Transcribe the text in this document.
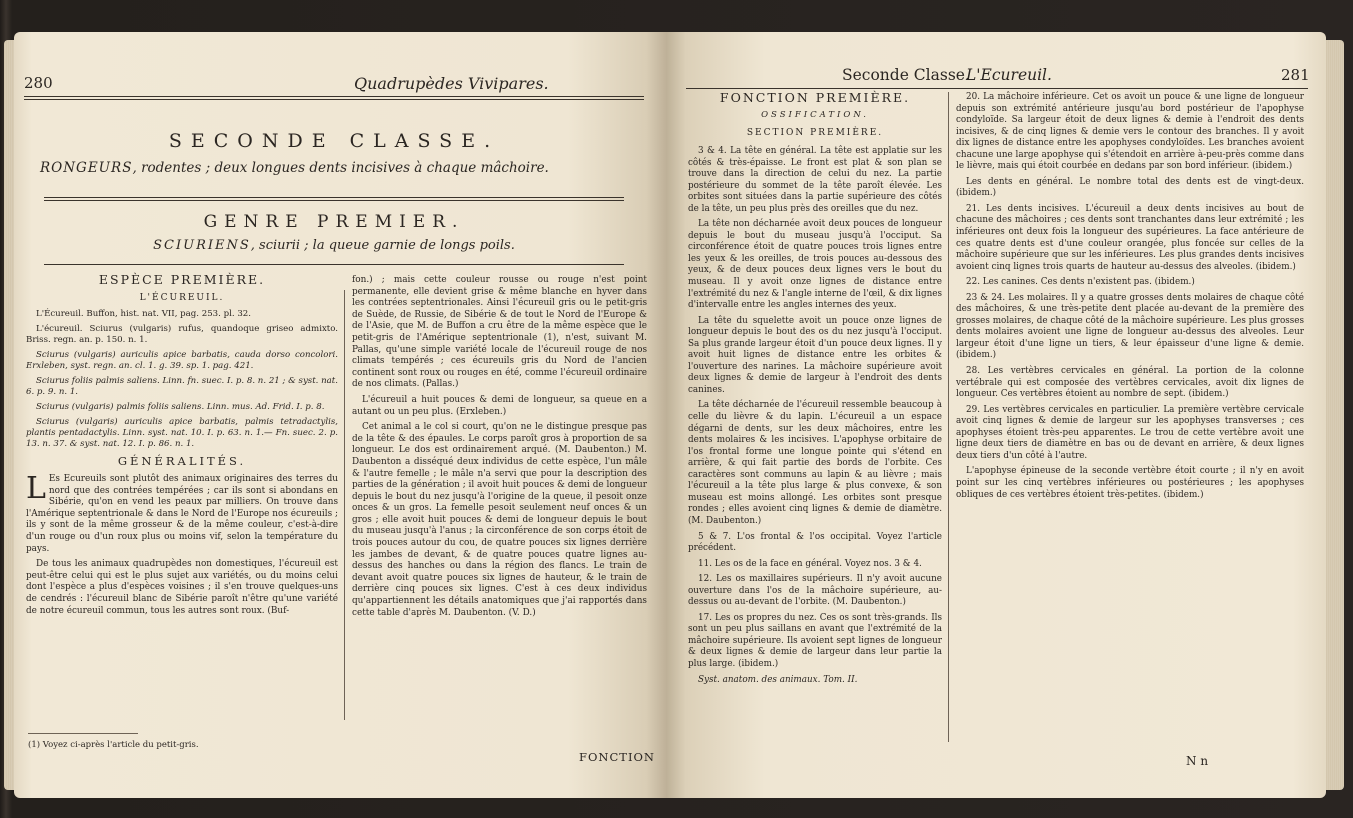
280	Quadrupèdes Vivipares.
SECONDE CLASSE.
RONGEURS, rodentes ; deux longues dents incisives à chaque mâchoire.
GENRE PREMIER.
SCIURIENS, sciurii ; la queue garnie de longs poils.
ESPÈCE PREMIÈRE.
L'ÉCUREUIL.

L'Écureuil. Buffon, hist. nat. VII, pag. 253. pl. 32.

L'écureuil. Sciurus (vulgaris) rufus, quandoque griseo admixto. Briss. regn. an. p. 150. n. 1.

Sciurus (vulgaris) auriculis apice barbatis, cauda dorso concolori. Erxleben, syst. regn. an. cl. 1. g. 39. sp. 1. pag. 421.

Sciurus foliis palmis saliens. Linn. fn. suec. I. p. 8. n. 21 ; & syst. nat. 6. p. 9. n. 1.

Sciurus (vulgaris) palmis foliis saliens. Linn. mus. Ad. Frid. I. p. 8.

Sciurus (vulgaris) auriculis apice barbatis, palmis tetradactylis, plantis pentadactylis. Linn. syst. nat. 10. I. p. 63. n. 1.— Fn. suec. 2. p. 13. n. 37. & syst. nat. 12. I. p. 86. n. 1.

GÉNÉRALITÉS.

L Es Ecureuils sont plutôt des animaux originaires des terres du nord que des contrées tempérées ; car ils sont si abondans en Sibérie, qu'on en vend les peaux par milliers. On trouve dans l'Amérique septentrionale & dans le Nord de l'Europe nos écureuils ; ils y sont de la même grosseur & de la même couleur, c'est-à-dire d'un rouge ou d'un roux plus ou moins vif, selon la température du pays.

De tous les animaux quadrupèdes non domestiques, l'écureuil est peut-être celui qui est le plus sujet aux variétés, ou du moins celui dont l'espèce a plus d'espèces voisines ; il s'en trouve quelques-uns de cendrés : l'écureuil blanc de Sibérie paroît n'être qu'une variété de notre écureuil commun, tous les autres sont roux. (Buf-

fon.) ; mais cette couleur rousse ou rouge n'est point permanente, elle devient grise & même blanche en hyver dans les contrées septentrionales. Ainsi l'écureuil gris ou le petit-gris de Suède, de Russie, de Sibérie & de tout le Nord de l'Europe & de l'Asie, que M. de Buffon a cru être de la même espèce que le petit-gris de l'Amérique septentrionale (1), n'est, suivant M. Pallas, qu'une simple variété locale de l'écureuil rouge de nos climats tempérés ; ces écureuils gris du Nord de l'ancien continent sont roux ou rouges en été, comme l'écureuil ordinaire de nos climats. (Pallas.)

L'écureuil a huit pouces & demi de longueur, sa queue en a autant ou un peu plus. (Erxleben.)

Cet animal a le col si court, qu'on ne le distingue presque pas de la tête & des épaules. Le corps paroît gros à proportion de sa longueur. Le dos est ordinairement arqué. (M. Daubenton.) M. Daubenton a disséqué deux individus de cette espèce, l'un mâle & l'autre femelle ; le mâle n'a servi que pour la description des parties de la génération ; il avoit huit pouces & demi de longueur depuis le bout du nez jusqu'à l'origine de la queue, il pesoit onze onces & un gros. La femelle pesoit seulement neuf onces & un gros ; elle avoit huit pouces & demi de longueur depuis le bout du museau jusqu'à l'anus ; la circonférence de son corps étoit de trois pouces autour du cou, de quatre pouces six lignes derrière les jambes de devant, & de quatre pouces quatre lignes au-dessus des hanches ou dans la région des flancs. Le train de devant avoit quatre pouces six lignes de hauteur, & le train de derrière cinq pouces six lignes. C'est à ces deux individus qu'appartiennent les détails anatomiques que j'ai rapportés dans cette table d'après M. Daubenton. (V. D.)

(1) Voyez ci-après l'article du petit-gris.
FONCTION
Seconde Classe.
L'Ecureuil.	281
FONCTION PREMIÈRE.
OSSIFICATION.
SECTION PREMIÈRE.

3 & 4. La tête en général. La tête est applatie sur les côtés & très-épaisse. Le front est plat & son plan se trouve dans la direction de celui du nez. La partie postérieure du sommet de la tête paroît élevée. Les orbites sont situées dans la partie supérieure des côtés de la tête, un peu plus près des oreilles que du nez.

La tête non décharnée avoit deux pouces de longueur depuis le bout du museau jusqu'à l'occiput. Sa circonférence étoit de quatre pouces trois lignes entre les yeux & les oreilles, de trois pouces au-dessous des yeux, & de deux pouces deux lignes vers le bout du museau. Il y avoit onze lignes de distance entre l'extrémité du nez & l'angle interne de l'œil, & dix lignes d'intervalle entre les angles internes des yeux.

La tête du squelette avoit un pouce onze lignes de longueur depuis le bout des os du nez jusqu'à l'occiput. Sa plus grande largeur étoit d'un pouce deux lignes. Il y avoit huit lignes de distance entre les orbites & l'ouverture des narines. La mâchoire supérieure avoit deux lignes & demie de largeur à l'endroit des dents canines.

La tête décharnée de l'écureuil ressemble beaucoup à celle du lièvre & du lapin. L'écureuil a un espace dégarni de dents, sur les deux mâchoires, entre les dents molaires & les incisives. L'apophyse orbitaire de l'os frontal forme une longue pointe qui s'étend en arrière, & qui fait partie des bords de l'orbite. Ces caractères sont communs au lapin & au lièvre ; mais l'écureuil a la tête plus large & plus convexe, & son museau est moins allongé. Les orbites sont presque rondes ; elles avoient cinq lignes & demie de diamètre. (M. Daubenton.)

5 & 7. L'os frontal & l'os occipital. Voyez l'article précédent.

11. Les os de la face en général. Voyez nos. 3 & 4.

12. Les os maxillaires supérieurs. Il n'y avoit aucune ouverture dans l'os de la mâchoire supérieure, au-dessus ou au-devant de l'orbite. (M. Daubenton.)

17. Les os propres du nez. Ces os sont très-grands. Ils sont un peu plus saillans en avant que l'extrémité de la mâchoire supérieure. Ils avoient sept lignes de longueur & deux lignes & demie de largeur dans leur partie la plus large. (ibidem.)

Syst. anatom. des animaux. Tom. II.

20. La mâchoire inférieure. Cet os avoit un pouce & une ligne de longueur depuis son extrémité antérieure jusqu'au bord postérieur de l'apophyse condyloïde. Sa largeur étoit de deux lignes & demie à l'endroit des dents incisives, & de cinq lignes & demie vers le contour des branches. Il y avoit dix lignes de distance entre les apophyses condyloïdes. Les branches avoient chacune une large apophyse qui s'étendoit en arrière à-peu-près comme dans le lièvre, mais qui étoit courbée en dedans par son bord inférieur. (ibidem.)

Les dents en général. Le nombre total des dents est de vingt-deux. (ibidem.)

21. Les dents incisives. L'écureuil a deux dents incisives au bout de chacune des mâchoires ; ces dents sont tranchantes dans leur extrémité ; les inférieures ont deux fois la longueur des supérieures. La face antérieure de ces quatre dents est d'une couleur orangée, plus foncée sur celles de la mâchoire supérieure que sur les inférieures. Les plus grandes dents incisives avoient cinq lignes trois quarts de hauteur au-dessus des alveoles. (ibidem.)

22. Les canines. Ces dents n'existent pas. (ibidem.)

23 & 24. Les molaires. Il y a quatre grosses dents molaires de chaque côté des mâchoires, & une très-petite dent placée au-devant de la première des grosses molaires, de chaque côté de la mâchoire supérieure. Les plus grosses dents molaires avoient une ligne de longueur au-dessus des alveoles. Leur largeur étoit d'une ligne un tiers, & leur épaisseur d'une ligne & demie. (ibidem.)

28. Les vertèbres cervicales en général. La portion de la colonne vertébrale qui est composée des vertèbres cervicales, avoit dix lignes de longueur. Ces vertèbres étoient au nombre de sept. (ibidem.)

29. Les vertèbres cervicales en particulier. La première vertèbre cervicale avoit cinq lignes & demie de largeur sur les apophyses transverses ; ces apophyses étoient très-peu apparentes. Le trou de cette vertèbre avoit une ligne deux tiers de diamètre en bas ou de devant en arrière, & deux lignes deux tiers d'un côté à l'autre.

L'apophyse épineuse de la seconde vertèbre étoit courte ; il n'y en avoit point sur les cinq vertèbres inférieures ou postérieures ; les apophyses obliques de ces vertèbres étoient très-petites. (ibidem.)

N n
